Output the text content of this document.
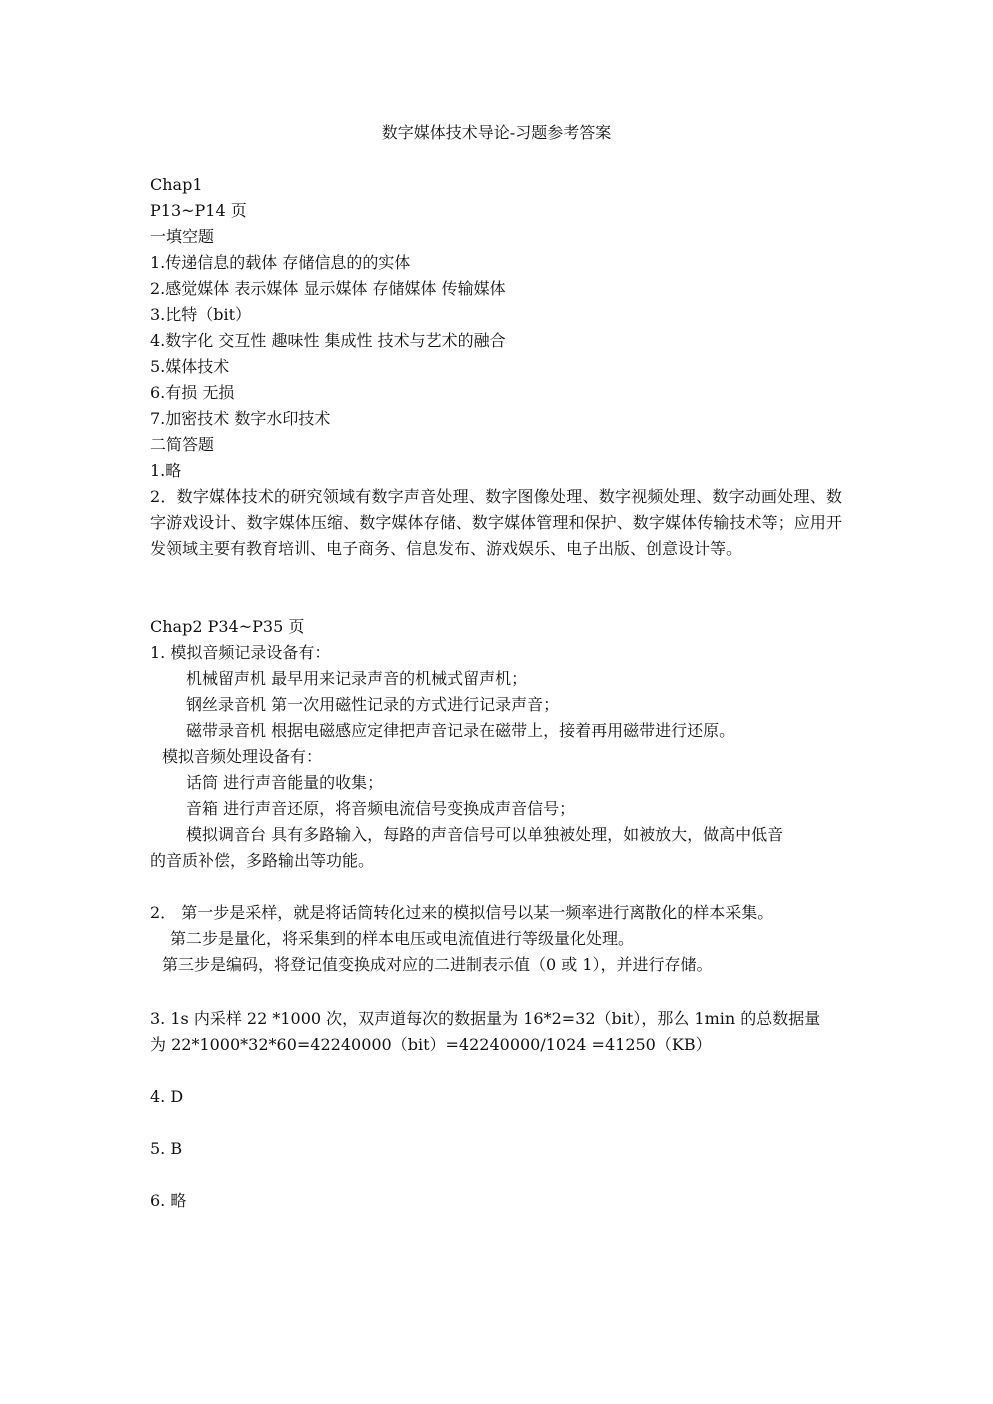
数字媒体技术导论-习题参考答案
Chap1
P13~P14 页
一填空题
1.传递信息的载体 存储信息的的实体
2.感觉媒体 表示媒体 显示媒体 存储媒体 传输媒体
3.比特（bit）
4.数字化 交互性 趣味性 集成性 技术与艺术的融合
5.媒体技术
6.有损 无损
7.加密技术 数字水印技术
二简答题
1.略
2．数字媒体技术的研究领域有数字声音处理、数字图像处理、数字视频处理、数字动画处理、数字游戏设计、数字媒体压缩、数字媒体存储、数字媒体管理和保护、数字媒体传输技术等；应用开发领域主要有教育培训、电子商务、信息发布、游戏娱乐、电子出版、创意设计等。
Chap2 P34~P35 页
1. 模拟音频记录设备有：
机械留声机 最早用来记录声音的机械式留声机；
钢丝录音机 第一次用磁性记录的方式进行记录声音；
磁带录音机 根据电磁感应定律把声音记录在磁带上，接着再用磁带进行还原。
模拟音频处理设备有：
话筒 进行声音能量的收集；
音箱 进行声音还原，将音频电流信号变换成声音信号；
模拟调音台 具有多路输入，每路的声音信号可以单独被处理，如被放大，做高中低音
的音质补偿，多路输出等功能。
2． 第一步是采样，就是将话筒转化过来的模拟信号以某一频率进行离散化的样本采集。
第二步是量化，将采集到的样本电压或电流值进行等级量化处理。
第三步是编码，将登记值变换成对应的二进制表示值（0 或 1），并进行存储。
3. 1s 内采样 22 *1000 次，双声道每次的数据量为 16*2=32（bit），那么 1min 的总数据量
为 22*1000*32*60=42240000（bit）=42240000/1024 =41250（KB）
4. D
5. B
6. 略
